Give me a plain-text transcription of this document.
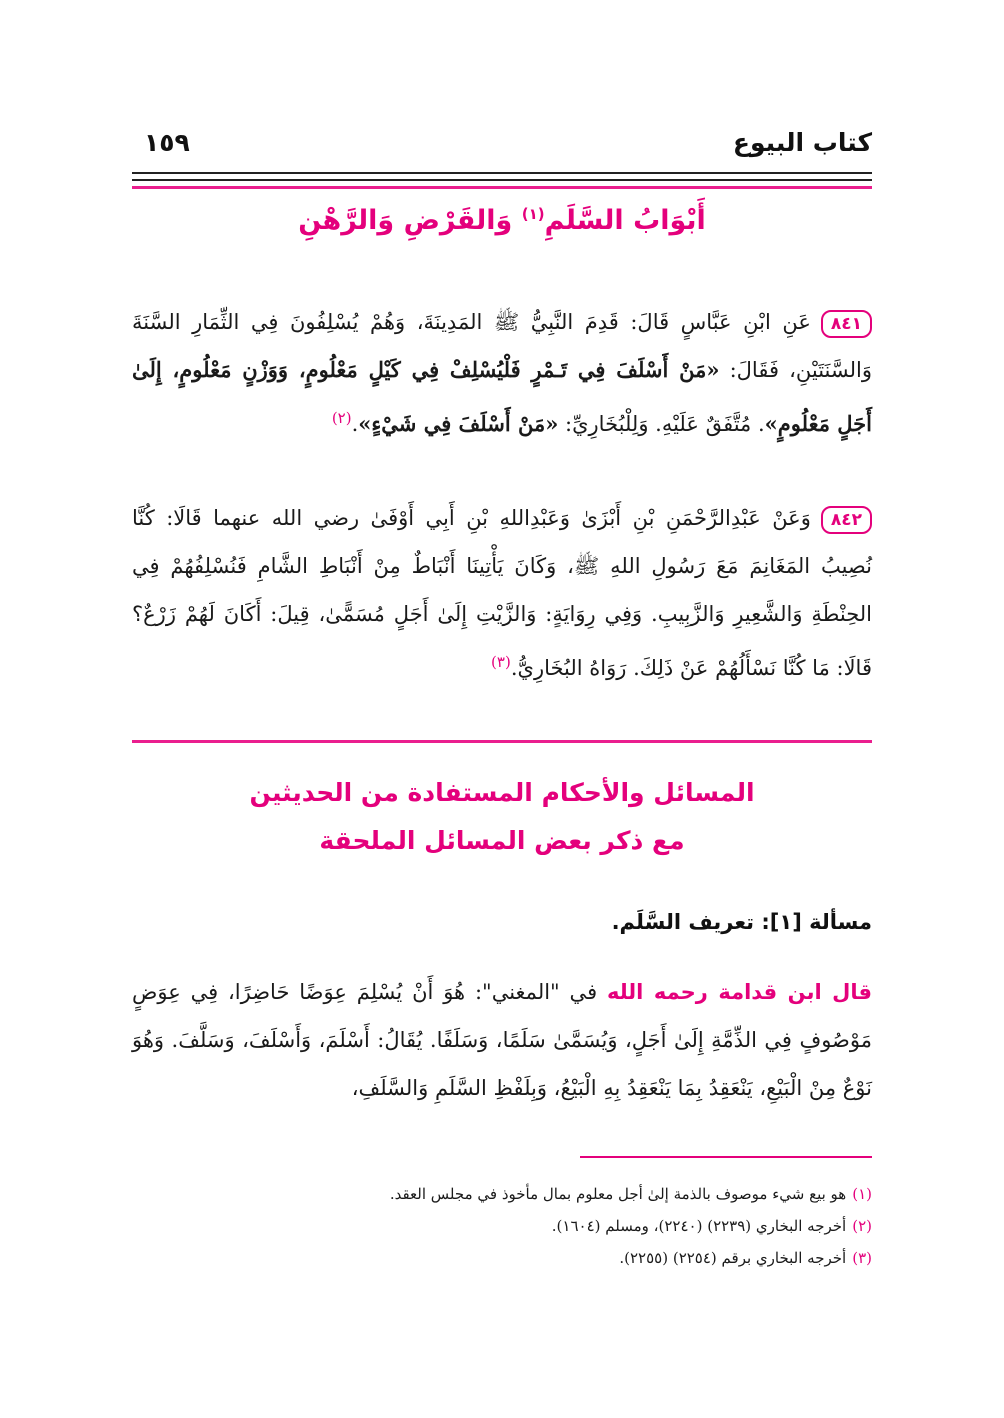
كتاب البيوع
١٥٩
أَبْوَابُ السَّلَمِ$^{(١)}$ وَالقَرْضِ وَالرَّهْنِ
٨٤١عَنِ ابْنِ عَبَّاسٍ قَالَ: قَدِمَ النَّبِيُّ ﷺ المَدِينَةَ، وَهُمْ يُسْلِفُونَ فِي الثِّمَارِ السَّنَةَ وَالسَّنَتَيْنِ، فَقَالَ: «مَنْ أَسْلَفَ فِي تَـمْرٍ فَلْيُسْلِفْ فِي كَيْلٍ مَعْلُومٍ، وَوَزْنٍ مَعْلُومٍ، إِلَىٰ أَجَلٍ مَعْلُومٍ». مُتَّفَقٌ عَلَيْهِ. وَلِلْبُخَارِيِّ: «مَنْ أَسْلَفَ فِي شَيْءٍ».$^{(٢)}$
٨٤٢وَعَنْ عَبْدِالرَّحْمَنِ بْنِ أَبْزَىٰ وَعَبْدِاللهِ بْنِ أَبِي أَوْفَىٰ رضي الله عنهما قَالَا: كُنَّا نُصِيبُ المَغَانِمَ مَعَ رَسُولِ اللهِ ﷺ، وَكَانَ يَأْتِينَا أَنْبَاطٌ مِنْ أَنْبَاطِ الشَّامِ فَنُسْلِفُهُمْ فِي الحِنْطَةِ وَالشَّعِيرِ وَالزَّبِيبِ. وَفِي رِوَايَةٍ: وَالزَّيْتِ إِلَىٰ أَجَلٍ مُسَمًّىٰ، قِيلَ: أَكَانَ لَهُمْ زَرْعٌ؟ قَالَا: مَا كُنَّا نَسْأَلُهُمْ عَنْ ذَلِكَ. رَوَاهُ البُخَارِيُّ.$^{(٣)}$
المسائل والأحكام المستفادة من الحديثين
مع ذكر بعض المسائل الملحقة
مسألة [١]: تعريف السَّلَم.
قال ابن قدامة رحمه الله في "المغني": هُوَ أَنْ يُسْلِمَ عِوَضًا حَاضِرًا، فِي عِوَضٍ مَوْصُوفٍ فِي الذِّمَّةِ إِلَىٰ أَجَلٍ، وَيُسَمَّىٰ سَلَمًا، وَسَلَفًا. يُقَالُ: أَسْلَمَ، وَأَسْلَفَ، وَسَلَّفَ. وَهُوَ نَوْعٌ مِنْ الْبَيْعِ، يَنْعَقِدُ بِمَا يَنْعَقِدُ بِهِ الْبَيْعُ، وَبِلَفْظِ السَّلَمِ وَالسَّلَفِ،
(١)هو بيع شيء موصوف بالذمة إلىٰ أجل معلوم بمال مأخوذ في مجلس العقد.
(٢)أخرجه البخاري (٢٢٣٩) (٢٢٤٠)، ومسلم (١٦٠٤).
(٣)أخرجه البخاري برقم (٢٢٥٤) (٢٢٥٥).
